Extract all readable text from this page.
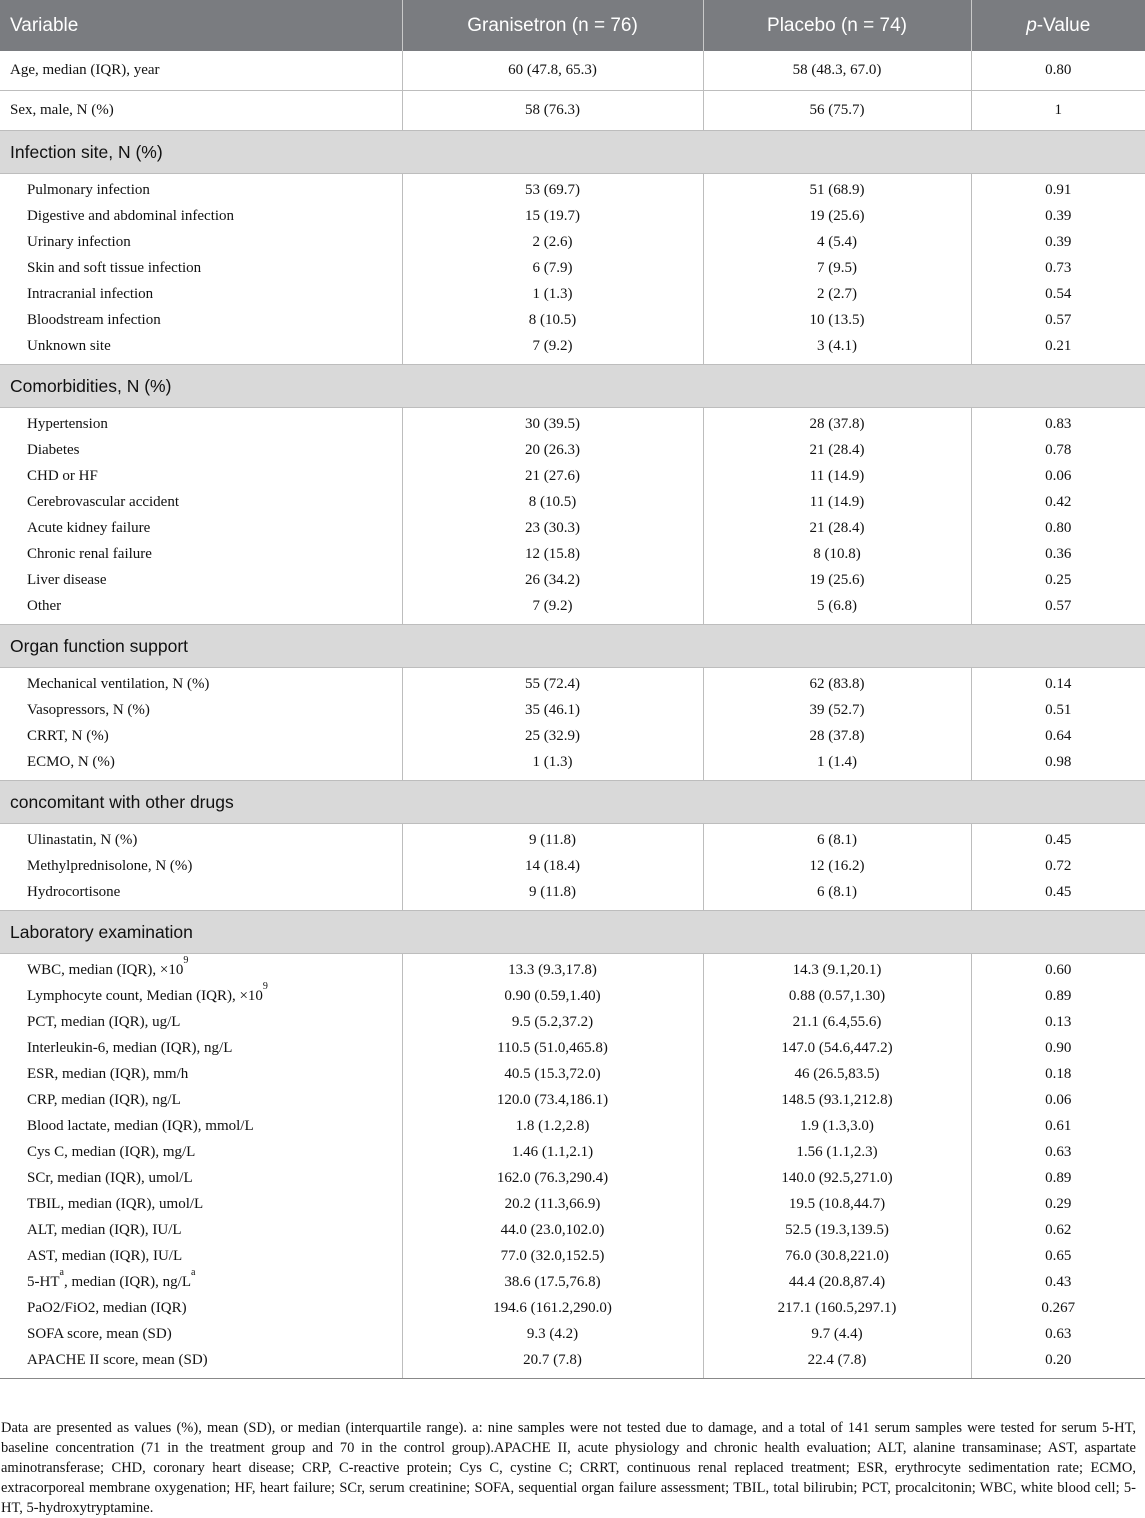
Variable	Granisetron (n = 76)	Placebo (n = 74)	p-Value
Age, median (IQR), year	60 (47.8, 65.3)	58 (48.3, 67.0)	0.80
Sex, male, N (%)	58 (76.3)	56 (75.7)	1
Infection site, N (%)			
Pulmonary infection	53 (69.7)	51 (68.9)	0.91
Digestive and abdominal infection	15 (19.7)	19 (25.6)	0.39
Urinary infection	2 (2.6)	4 (5.4)	0.39
Skin and soft tissue infection	6 (7.9)	7 (9.5)	0.73
Intracranial infection	1 (1.3)	2 (2.7)	0.54
Bloodstream infection	8 (10.5)	10 (13.5)	0.57
Unknown site	7 (9.2)	3 (4.1)	0.21
Comorbidities, N (%)			
Hypertension	30 (39.5)	28 (37.8)	0.83
Diabetes	20 (26.3)	21 (28.4)	0.78
CHD or HF	21 (27.6)	11 (14.9)	0.06
Cerebrovascular accident	8 (10.5)	11 (14.9)	0.42
Acute kidney failure	23 (30.3)	21 (28.4)	0.80
Chronic renal failure	12 (15.8)	8 (10.8)	0.36
Liver disease	26 (34.2)	19 (25.6)	0.25
Other	7 (9.2)	5 (6.8)	0.57
Organ function support			
Mechanical ventilation, N (%)	55 (72.4)	62 (83.8)	0.14
Vasopressors, N (%)	35 (46.1)	39 (52.7)	0.51
CRRT, N (%)	25 (32.9)	28 (37.8)	0.64
ECMO, N (%)	1 (1.3)	1 (1.4)	0.98
concomitant with other drugs			
Ulinastatin, N (%)	9 (11.8)	6 (8.1)	0.45
Methylprednisolone, N (%)	14 (18.4)	12 (16.2)	0.72
Hydrocortisone	9 (11.8)	6 (8.1)	0.45
Laboratory examination			
WBC, median (IQR), $\times 10^9$	13.3 (9.3,17.8)	14.3 (9.1,20.1)	0.60
Lymphocyte count, Median (IQR), $\times 10^9$	0.90 (0.59,1.40)	0.88 (0.57,1.30)	0.89
PCT, median (IQR), ug/L	9.5 (5.2,37.2)	21.1 (6.4,55.6)	0.13
Interleukin-6, median (IQR), ng/L	110.5 (51.0,465.8)	147.0 (54.6,447.2)	0.90
ESR, median (IQR), mm/h	40.5 (15.3,72.0)	46 (26.5,83.5)	0.18
CRP, median (IQR), ng/L	120.0 (73.4,186.1)	148.5 (93.1,212.8)	0.06
Blood lactate, median (IQR), mmol/L	1.8 (1.2,2.8)	1.9 (1.3,3.0)	0.61
Cys C, median (IQR), mg/L	1.46 (1.1,2.1)	1.56 (1.1,2.3)	0.63
SCr, median (IQR), umol/L	162.0 (76.3,290.4)	140.0 (92.5,271.0)	0.89
TBIL, median (IQR), umol/L	20.2 (11.3,66.9)	19.5 (10.8,44.7)	0.29
ALT, median (IQR), IU/L	44.0 (23.0,102.0)	52.5 (19.3,139.5)	0.62
AST, median (IQR), IU/L	77.0 (32.0,152.5)	76.0 (30.8,221.0)	0.65
$5-HT^a$, median (IQR), $ng/L^a$	38.6 (17.5,76.8)	44.4 (20.8,87.4)	0.43
PaO2/FiO2, median (IQR)	194.6 (161.2,290.0)	217.1 (160.5,297.1)	0.267
SOFA score, mean (SD)	9.3 (4.2)	9.7 (4.4)	0.63
APACHE II score, mean (SD)	20.7 (7.8)	22.4 (7.8)	0.20

Data are presented as values (%), mean (SD), or median (interquartile range). a: nine samples were not tested due to damage, and a total of 141 serum samples were tested for serum 5-HT, baseline concentration (71 in the treatment group and 70 in the control group).APACHE II, acute physiology and chronic health evaluation; ALT, alanine transaminase; AST, aspartate aminotransferase; CHD, coronary heart disease; CRP, C-reactive protein; Cys C, cystine C; CRRT, continuous renal replaced treatment; ESR, erythrocyte sedimentation rate; ECMO, extracorporeal membrane oxygenation; HF, heart failure; SCr, serum creatinine; SOFA, sequential organ failure assessment; TBIL, total bilirubin; PCT, procalcitonin; WBC, white blood cell; 5-HT, 5-hydroxytryptamine.
